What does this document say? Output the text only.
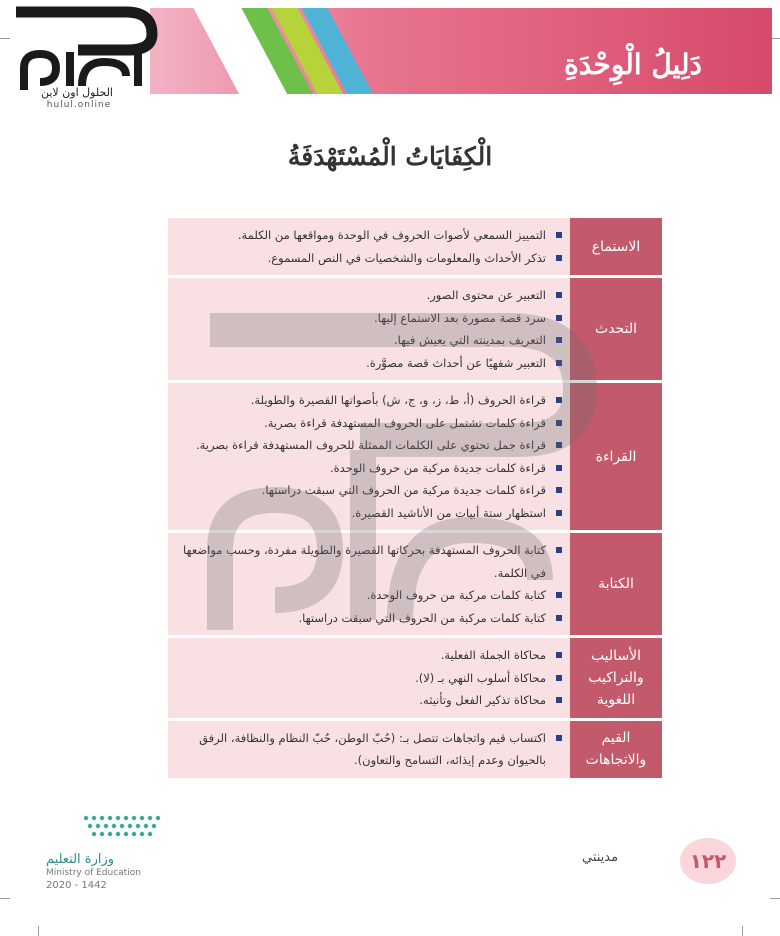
دَلِيلُ الْوِحْدَةِ
الحلول اون لاين
hulul.online
الْكِفَايَاتُ الْمُسْتَهْدَفَةُ
الاستماع
التمييز السمعي لأصوات الحروف في الوحدة ومواقعها من الكلمة.
تذكر الأحداث والمعلومات والشخصيات في النص المسموع.
التحدث
التعبير عن محتوى الصور.
سرد قصة مصورة بعد الاستماع إليها.
التعريف بمدينته التي يعيش فيها.
التعبير شفهيًا عن أحداث قصة مصوَّرة.
القراءة
قراءة الحروف (أ، ط، ز، و، ج، ش) بأصواتها القصيرة والطويلة.
قراءة كلمات تشتمل على الحروف المستهدفة قراءة بصرية.
قراءة جمل تحتوي على الكلمات الممثلة للحروف المستهدفة قراءة بصرية.
قراءة كلمات جديدة مركبة من حروف الوحدة.
قراءة كلمات جديدة مركبة من الحروف التي سبقت دراستها.
استظهار ستة أبيات من الأناشيد القصيرة.
الكتابة
كتابة الحروف المستهدفة بحركاتها القصيرة والطويلة مفردة، وحسب مواضعها في الكلمة.
كتابة كلمات مركبة من حروف الوحدة.
كتابة كلمات مركبة من الحروف التي سبقت دراستها.
الأساليب والتراكيب اللغوية
محاكاة الجملة الفعلية.
محاكاة أسلوب النهي بـ (لا).
محاكاة تذكير الفعل وتأنيثه.
القيم والاتجاهات
اكتساب قيم واتجاهات تتصل بـ: (حُبّ الوطن، حُبّ النظام والنظافة، الرفق بالحيوان وعدم إيذائه، التسامح والتعاون).
وزارة التعليم
Ministry of Education
2020 - 1442
مدينتي	١٢٢
